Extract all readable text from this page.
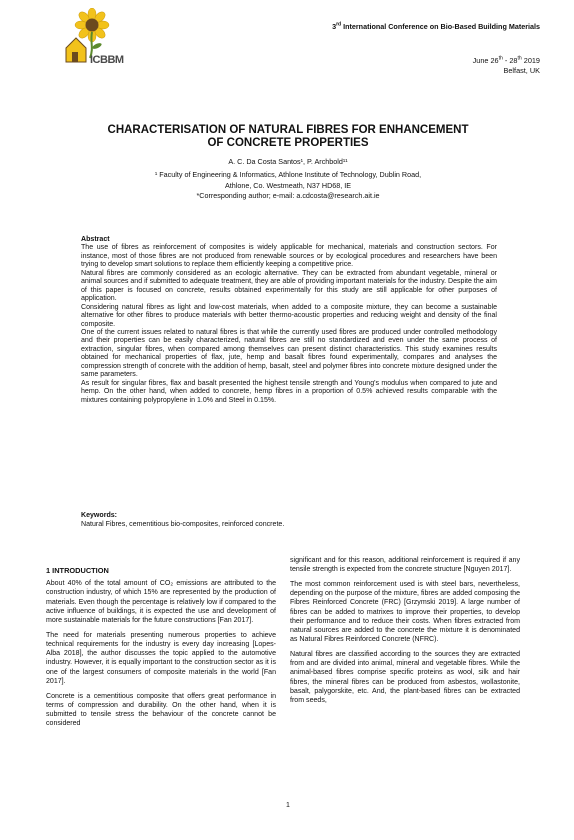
ICBBM
3rd International Conference on Bio-Based Building Materials
June 26th - 28th 2019
Belfast, UK
CHARACTERISATION OF NATURAL FIBRES FOR ENHANCEMENT
OF CONCRETE PROPERTIES
A. C. Da Costa Santos¹, P. Archbold¹¹
¹ Faculty of Engineering & Informatics, Athlone Institute of Technology, Dublin Road,
Athlone, Co. Westmeath, N37 HD68, IE
*Corresponding author; e-mail: a.cdcosta@research.ait.ie
Abstract

The use of fibres as reinforcement of composites is widely applicable for mechanical, materials and construction sectors. For instance, most of those fibres are not produced from renewable sources or by ecological procedures and researchers have been trying to develop smart solutions to replace them efficiently keeping a competitive price.

Natural fibres are commonly considered as an ecologic alternative. They can be extracted from abundant vegetable, mineral or animal sources and if submitted to adequate treatment, they are able of providing important materials for the industry. Despite the aim of this paper is focused on concrete, results obtained experimentally for this study are still applicable for other purposes of application.

Considering natural fibres as light and low-cost materials, when added to a composite mixture, they can become a sustainable alternative for other fibres to produce materials with better thermo-acoustic properties and reducing weight and density of the final composite.

One of the current issues related to natural fibres is that while the currently used fibres are produced under controlled methodology and their properties can be easily characterized, natural fibres are still no standardized and even under the same process of extraction, singular fibres, when compared among themselves can present distinct characteristics. This study examines results obtained for mechanical properties of flax, jute, hemp and basalt fibres found experimentally, compares and analyses the compression strength of concrete with the addition of hemp, basalt, steel and polymer fibres into concrete mixture designed under the same parameters.

As result for singular fibres, flax and basalt presented the highest tensile strength and Young's modulus when compared to jute and hemp. On the other hand, when added to concrete, hemp fibres in a proportion of 0.5% achieved results comparable with the mixtures containing polypropylene in 1.0% and Steel in 0.15%.

Keywords:
Natural Fibres, cementitious bio-composites, reinforced concrete.
1 INTRODUCTION

About 40% of the total amount of CO₂ emissions are attributed to the construction industry, of which 15% are represented by the production of materials. Even though the percentage is relatively low if compared to the active influence of buildings, it is expected the use and development of more sustainable materials for the future constructions [Fan 2017].

The need for materials presenting numerous properties to achieve technical requirements for the industry is every day increasing [Lopes-Alba 2018], the author discusses the topic applied to the automotive industry. However, it is equally important to the construction sector as it is one of the largest consumers of composite materials in the world [Fan 2017].

Concrete is a cementitious composite that offers great performance in terms of compression and durability. On the other hand, when it is submitted to tensile stress the behaviour of the concrete cannot be considered

significant and for this reason, additional reinforcement is required if any tensile strength is expected from the concrete structure [Nguyen 2017].

The most common reinforcement used is with steel bars, nevertheless, depending on the purpose of the mixture, fibres are added composing the Fibres Reinforced Concrete (FRC) [Grzymski 2019]. A large number of fibres can be added to matrixes to improve their properties, to develop their performance and to reduce their costs. When fibres extracted from natural sources are added to the concrete the mixture it is denominated as Natural Fibres Reinforced Concrete (NFRC).

Natural fibres are classified according to the sources they are extracted from and are divided into animal, mineral and vegetable fibres. While the animal-based fibres comprise specific proteins as wool, silk and hair fibres, the mineral fibres can be produced from asbestos, wollastonite, basalt, palygorskite, etc. And, the plant-based fibres can be extracted from seeds,

1
